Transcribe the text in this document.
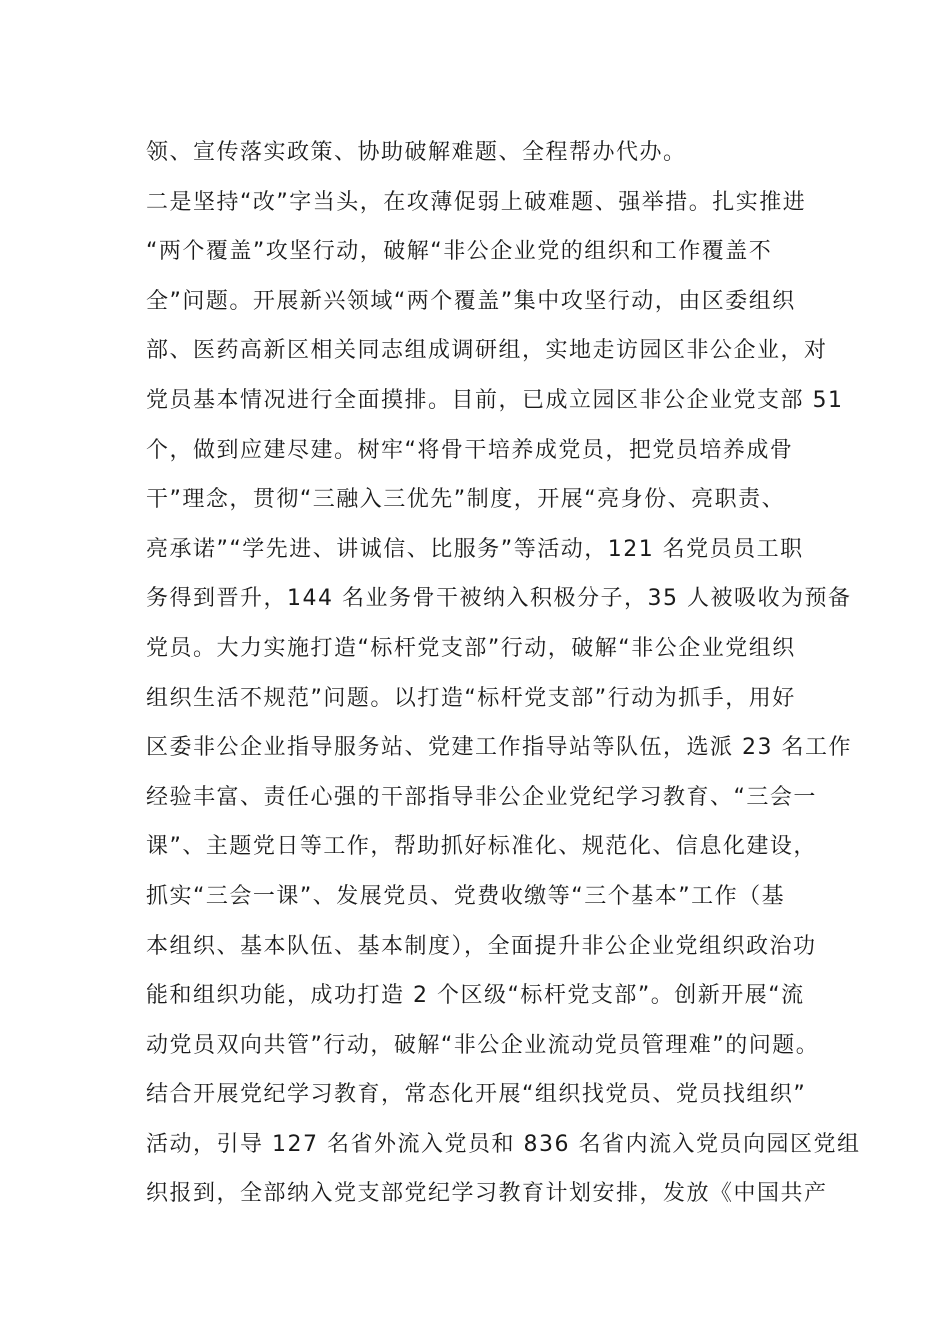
领、宣传落实政策、协助破解难题、全程帮办代办。
二是坚持“改”字当头，在攻薄促弱上破难题、强举措。扎实推进
“两个覆盖”攻坚行动，破解“非公企业党的组织和工作覆盖不
全”问题。开展新兴领域“两个覆盖”集中攻坚行动，由区委组织
部、医药高新区相关同志组成调研组，实地走访园区非公企业，对
党员基本情况进行全面摸排。目前，已成立园区非公企业党支部 51
个，做到应建尽建。树牢“将骨干培养成党员，把党员培养成骨
干”理念，贯彻“三融入三优先”制度，开展“亮身份、亮职责、
亮承诺”“学先进、讲诚信、比服务”等活动，121 名党员员工职
务得到晋升，144 名业务骨干被纳入积极分子，35 人被吸收为预备
党员。大力实施打造“标杆党支部”行动，破解“非公企业党组织
组织生活不规范”问题。以打造“标杆党支部”行动为抓手，用好
区委非公企业指导服务站、党建工作指导站等队伍，选派 23 名工作
经验丰富、责任心强的干部指导非公企业党纪学习教育、“三会一
课”、主题党日等工作，帮助抓好标准化、规范化、信息化建设，
抓实“三会一课”、发展党员、党费收缴等“三个基本”工作（基
本组织、基本队伍、基本制度），全面提升非公企业党组织政治功
能和组织功能，成功打造 2 个区级“标杆党支部”。创新开展“流
动党员双向共管”行动，破解“非公企业流动党员管理难”的问题。
结合开展党纪学习教育，常态化开展“组织找党员、党员找组织”
活动，引导 127 名省外流入党员和 836 名省内流入党员向园区党组
织报到，全部纳入党支部党纪学习教育计划安排，发放《中国共产
